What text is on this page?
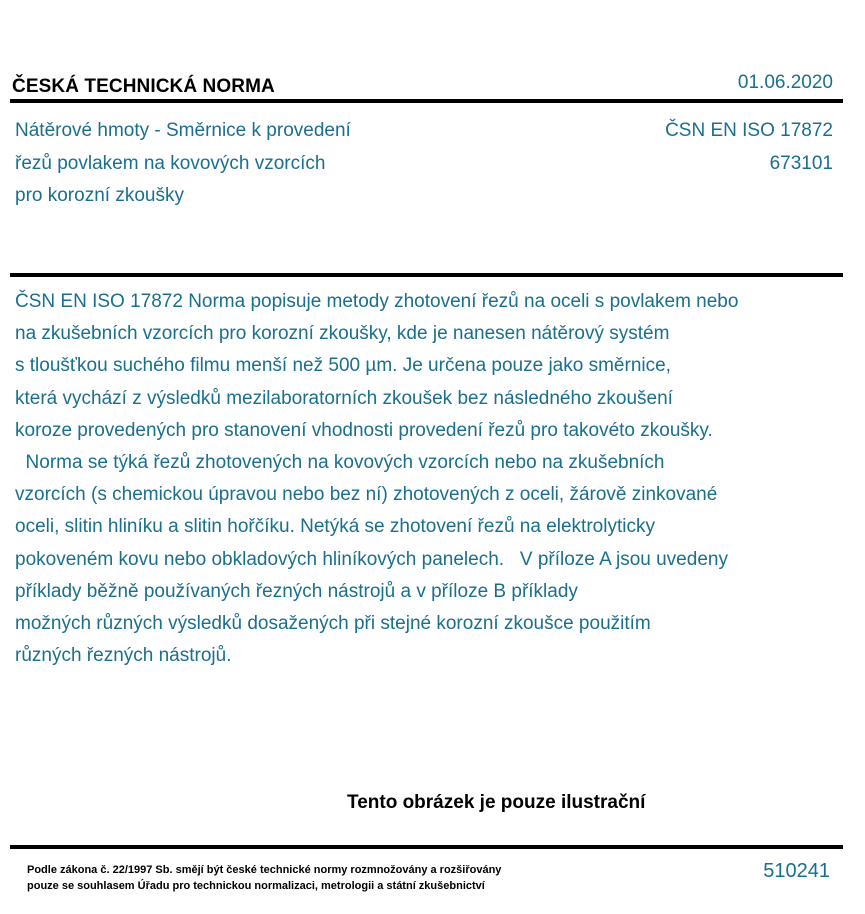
ČESKÁ TECHNICKÁ NORMA	01.06.2020
Nátěrové hmoty - Směrnice k provedení
řezů povlakem na kovových vzorcích
pro korozní zkoušky
ČSN EN ISO 17872
673101
ČSN EN ISO 17872 Norma popisuje metody zhotovení řezů na oceli s povlakem nebo
na zkušebních vzorcích pro korozní zkoušky, kde je nanesen nátěrový systém
s tloušťkou suchého filmu menší než 500 µm. Je určena pouze jako směrnice,
která vychází z výsledků mezilaboratorních zkoušek bez následného zkoušení
koroze provedených pro stanovení vhodnosti provedení řezů pro takovéto zkoušky.
Norma se týká řezů zhotovených na kovových vzorcích nebo na zkušebních
vzorcích (s chemickou úpravou nebo bez ní) zhotovených z oceli, žárově zinkované
oceli, slitin hliníku a slitin hořčíku. Netýká se zhotovení řezů na elektrolyticky
pokoveném kovu nebo obkladových hliníkových panelech.   V příloze A jsou uvedeny
příklady běžně používaných řezných nástrojů a v příloze B příklady
možných různých výsledků dosažených při stejné korozní zkoušce použitím
různých řezných nástrojů.
Tento obrázek je pouze ilustrační
Podle zákona č. 22/1997 Sb. smějí být české technické normy rozmnožovány a rozšiřovány
pouze se souhlasem Úřadu pro technickou normalizaci, metrologii a státní zkušebnictví
510241
